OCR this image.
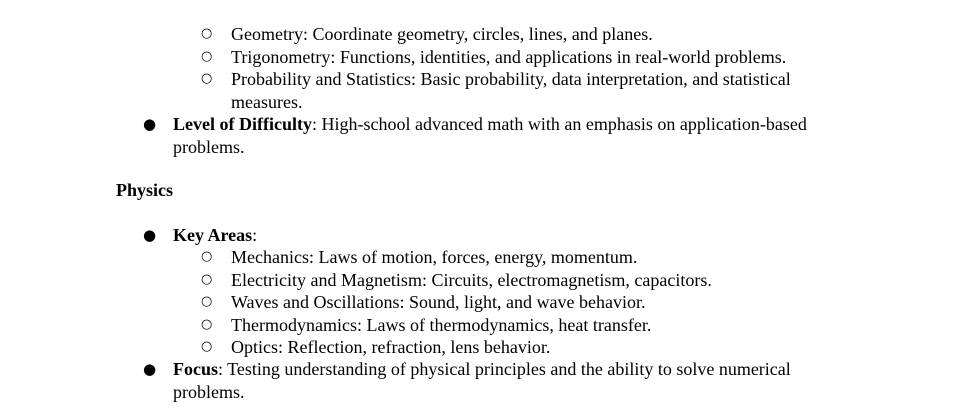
○ Geometry: Coordinate geometry, circles, lines, and planes.
○ Trigonometry: Functions, identities, and applications in real-world problems.
○ Probability and Statistics: Basic probability, data interpretation, and statistical measures.
● Level of Difficulty: High-school advanced math with an emphasis on application-based problems.
Physics
● Key Areas:
○ Mechanics: Laws of motion, forces, energy, momentum.
○ Electricity and Magnetism: Circuits, electromagnetism, capacitors.
○ Waves and Oscillations: Sound, light, and wave behavior.
○ Thermodynamics: Laws of thermodynamics, heat transfer.
○ Optics: Reflection, refraction, lens behavior.
● Focus: Testing understanding of physical principles and the ability to solve numerical problems.
